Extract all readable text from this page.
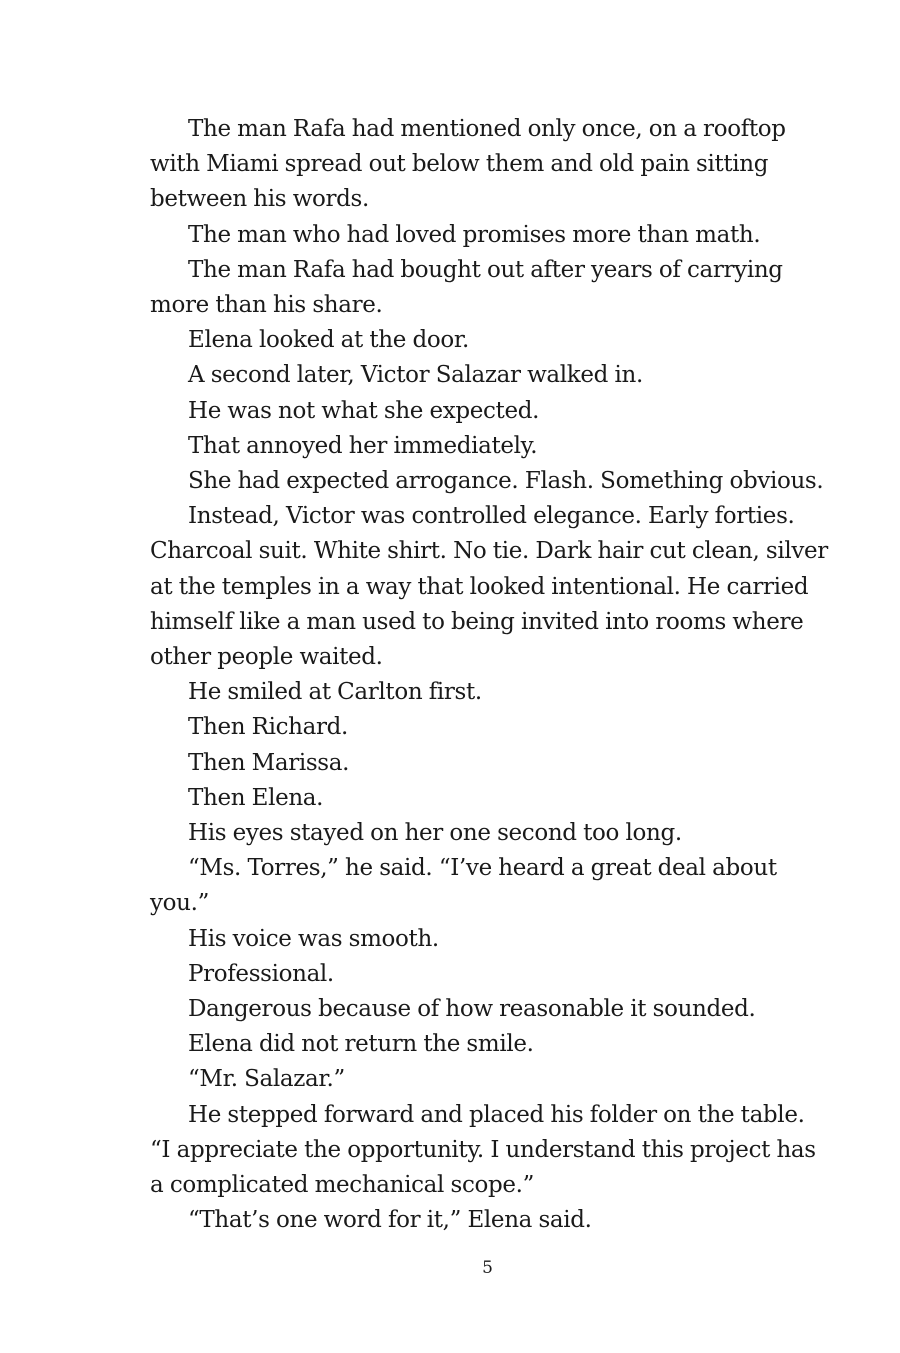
The man Rafa had mentioned only once, on a rooftop with Miami spread out below them and old pain sitting between his words.

The man who had loved promises more than math.

The man Rafa had bought out after years of carrying more than his share.

Elena looked at the door.

A second later, Victor Salazar walked in.

He was not what she expected.

That annoyed her immediately.

She had expected arrogance. Flash. Something obvious.

Instead, Victor was controlled elegance. Early forties. Charcoal suit. White shirt. No tie. Dark hair cut clean, silver at the temples in a way that looked intentional. He carried himself like a man used to being invited into rooms where other people waited.

He smiled at Carlton first.

Then Richard.

Then Marissa.

Then Elena.

His eyes stayed on her one second too long.

“Ms. Torres,” he said. “I’ve heard a great deal about you.”

His voice was smooth.

Professional.

Dangerous because of how reasonable it sounded.

Elena did not return the smile.

“Mr. Salazar.”

He stepped forward and placed his folder on the table. “I appreciate the opportunity. I understand this project has a complicated mechanical scope.”

“That’s one word for it,” Elena said.

5
